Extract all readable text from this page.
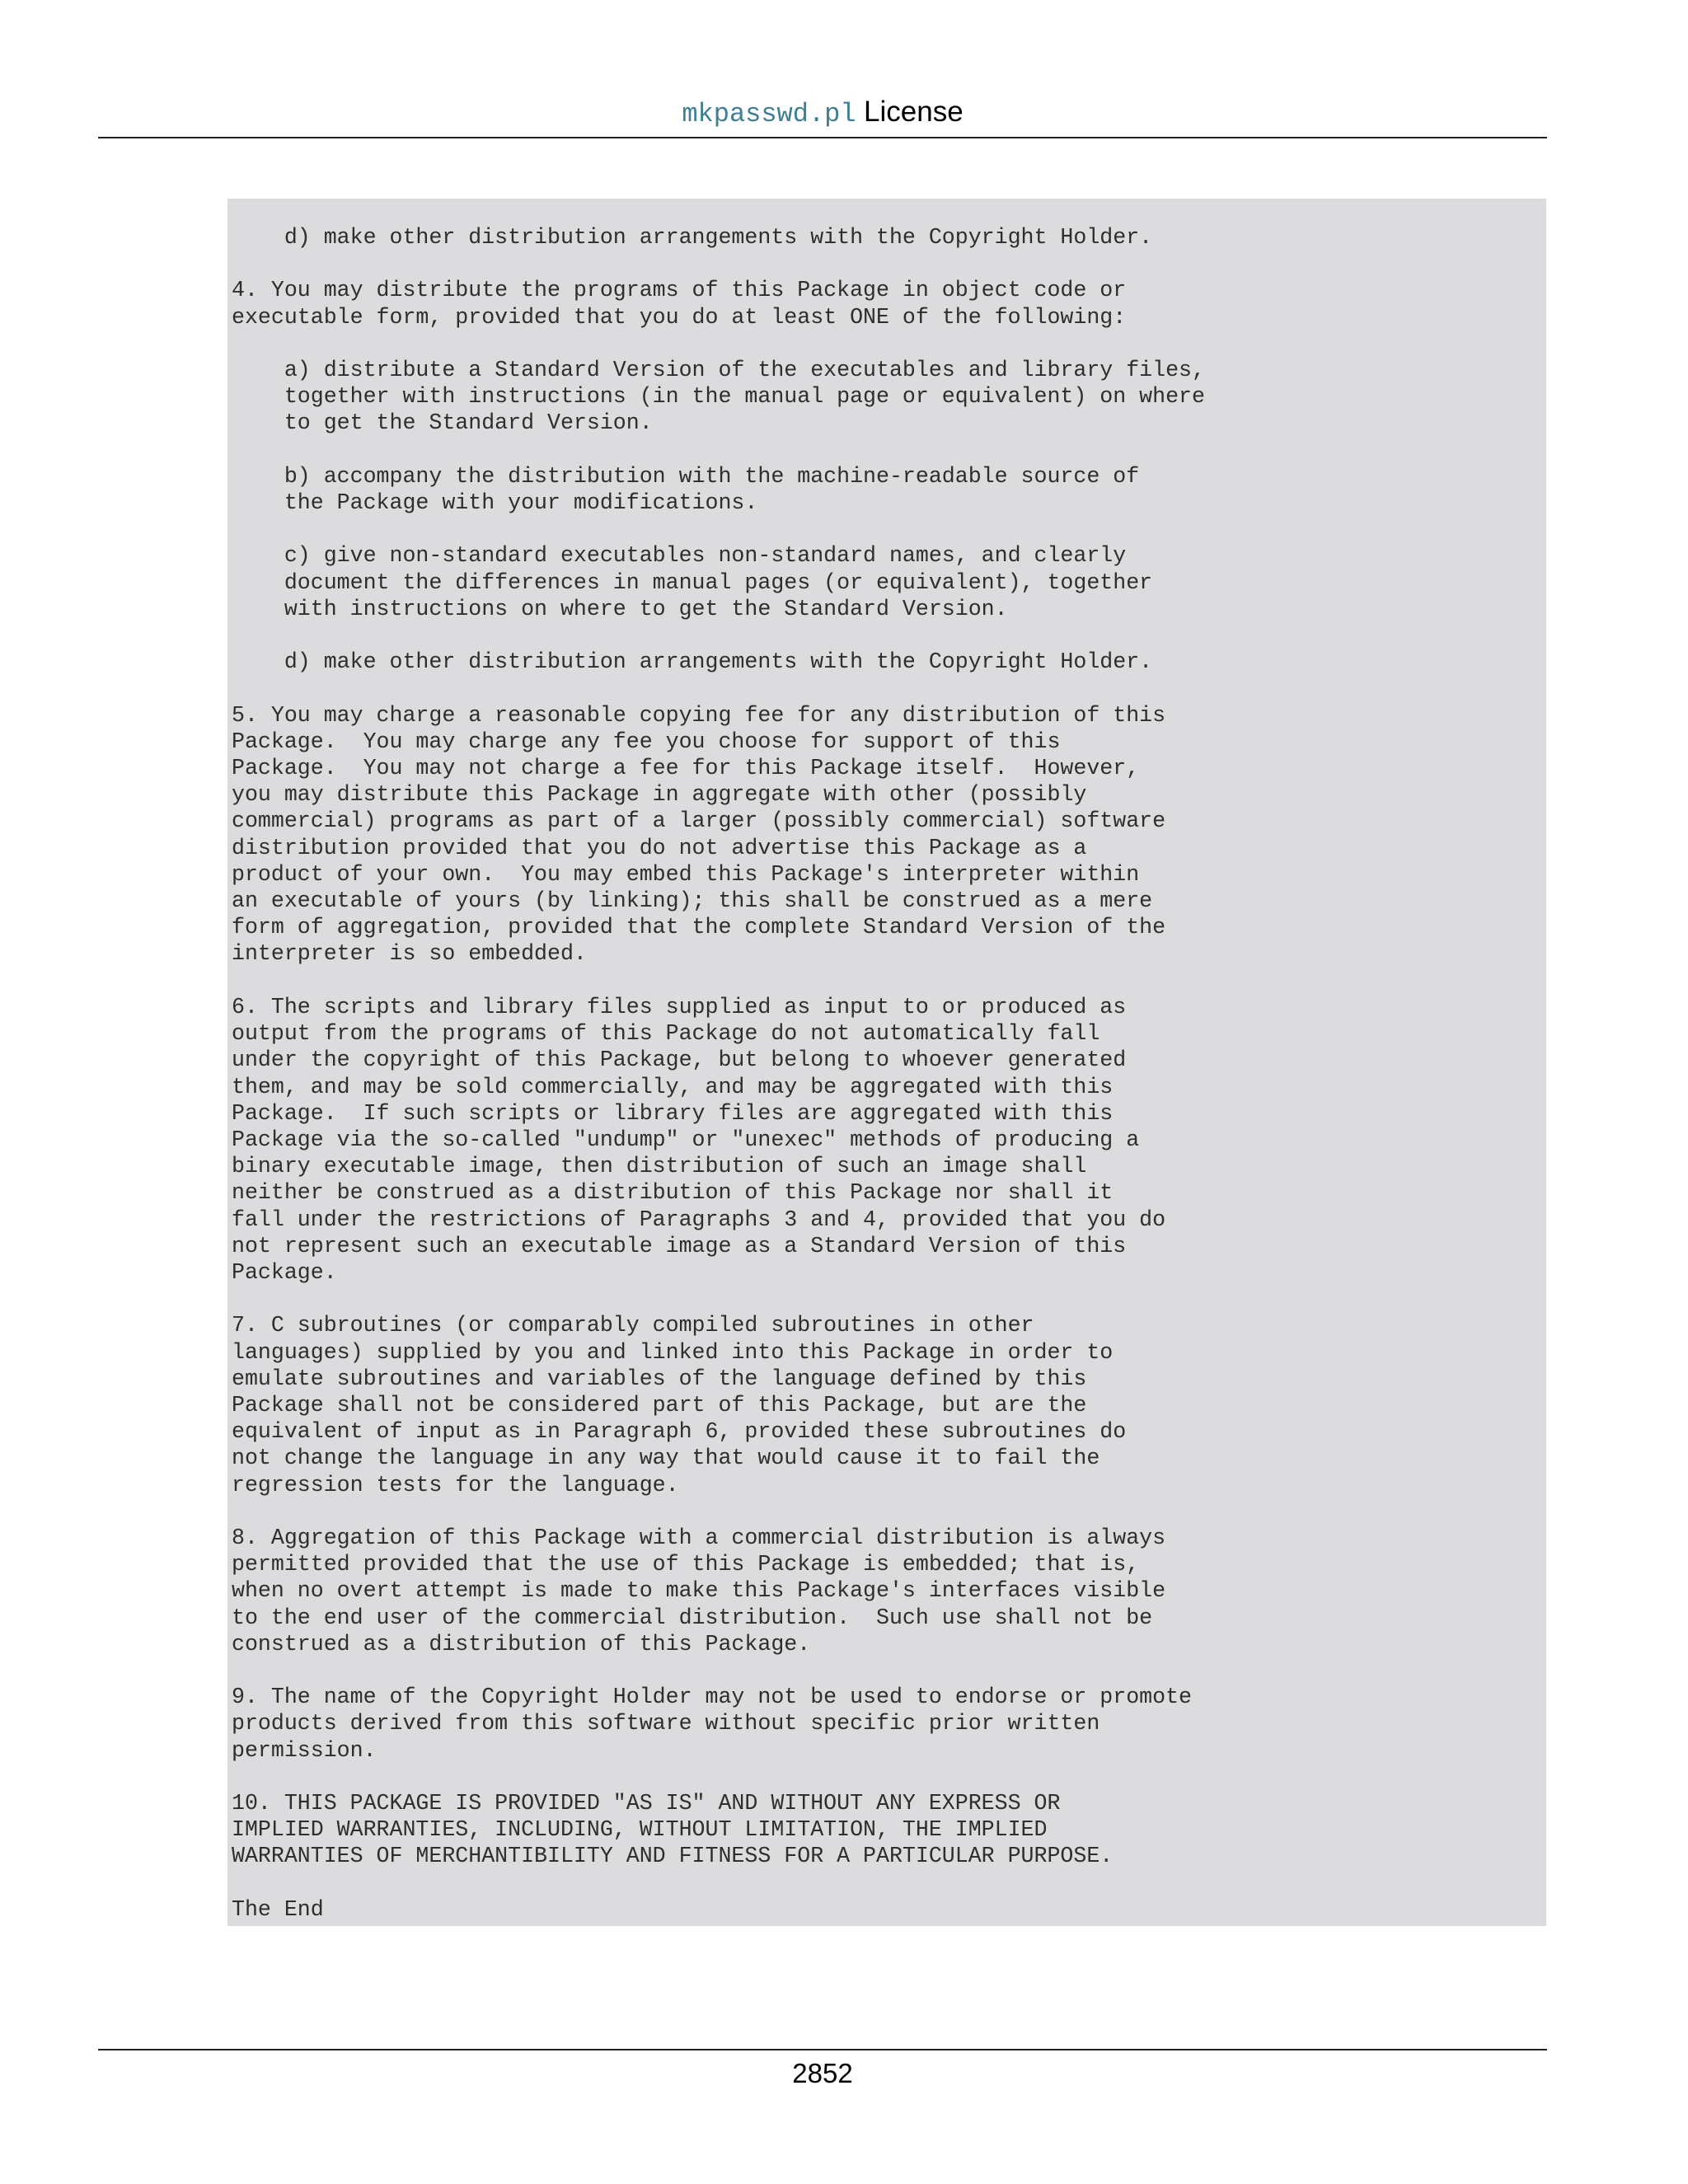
mkpasswd.pl License
d) make other distribution arrangements with the Copyright Holder.

4. You may distribute the programs of this Package in object code or
executable form, provided that you do at least ONE of the following:

a) distribute a Standard Version of the executables and library files,
together with instructions (in the manual page or equivalent) on where
to get the Standard Version.

b) accompany the distribution with the machine-readable source of
the Package with your modifications.

c) give non-standard executables non-standard names, and clearly
document the differences in manual pages (or equivalent), together
with instructions on where to get the Standard Version.

d) make other distribution arrangements with the Copyright Holder.

5. You may charge a reasonable copying fee for any distribution of this
Package.  You may charge any fee you choose for support of this
Package.  You may not charge a fee for this Package itself.  However,
you may distribute this Package in aggregate with other (possibly
commercial) programs as part of a larger (possibly commercial) software
distribution provided that you do not advertise this Package as a
product of your own.  You may embed this Package's interpreter within
an executable of yours (by linking); this shall be construed as a mere
form of aggregation, provided that the complete Standard Version of the
interpreter is so embedded.

6. The scripts and library files supplied as input to or produced as
output from the programs of this Package do not automatically fall
under the copyright of this Package, but belong to whoever generated
them, and may be sold commercially, and may be aggregated with this
Package.  If such scripts or library files are aggregated with this
Package via the so-called "undump" or "unexec" methods of producing a
binary executable image, then distribution of such an image shall
neither be construed as a distribution of this Package nor shall it
fall under the restrictions of Paragraphs 3 and 4, provided that you do
not represent such an executable image as a Standard Version of this
Package.

7. C subroutines (or comparably compiled subroutines in other
languages) supplied by you and linked into this Package in order to
emulate subroutines and variables of the language defined by this
Package shall not be considered part of this Package, but are the
equivalent of input as in Paragraph 6, provided these subroutines do
not change the language in any way that would cause it to fail the
regression tests for the language.

8. Aggregation of this Package with a commercial distribution is always
permitted provided that the use of this Package is embedded; that is,
when no overt attempt is made to make this Package's interfaces visible
to the end user of the commercial distribution.  Such use shall not be
construed as a distribution of this Package.

9. The name of the Copyright Holder may not be used to endorse or promote
products derived from this software without specific prior written
permission.

10. THIS PACKAGE IS PROVIDED "AS IS" AND WITHOUT ANY EXPRESS OR
IMPLIED WARRANTIES, INCLUDING, WITHOUT LIMITATION, THE IMPLIED
WARRANTIES OF MERCHANTIBILITY AND FITNESS FOR A PARTICULAR PURPOSE.

The End
2852
